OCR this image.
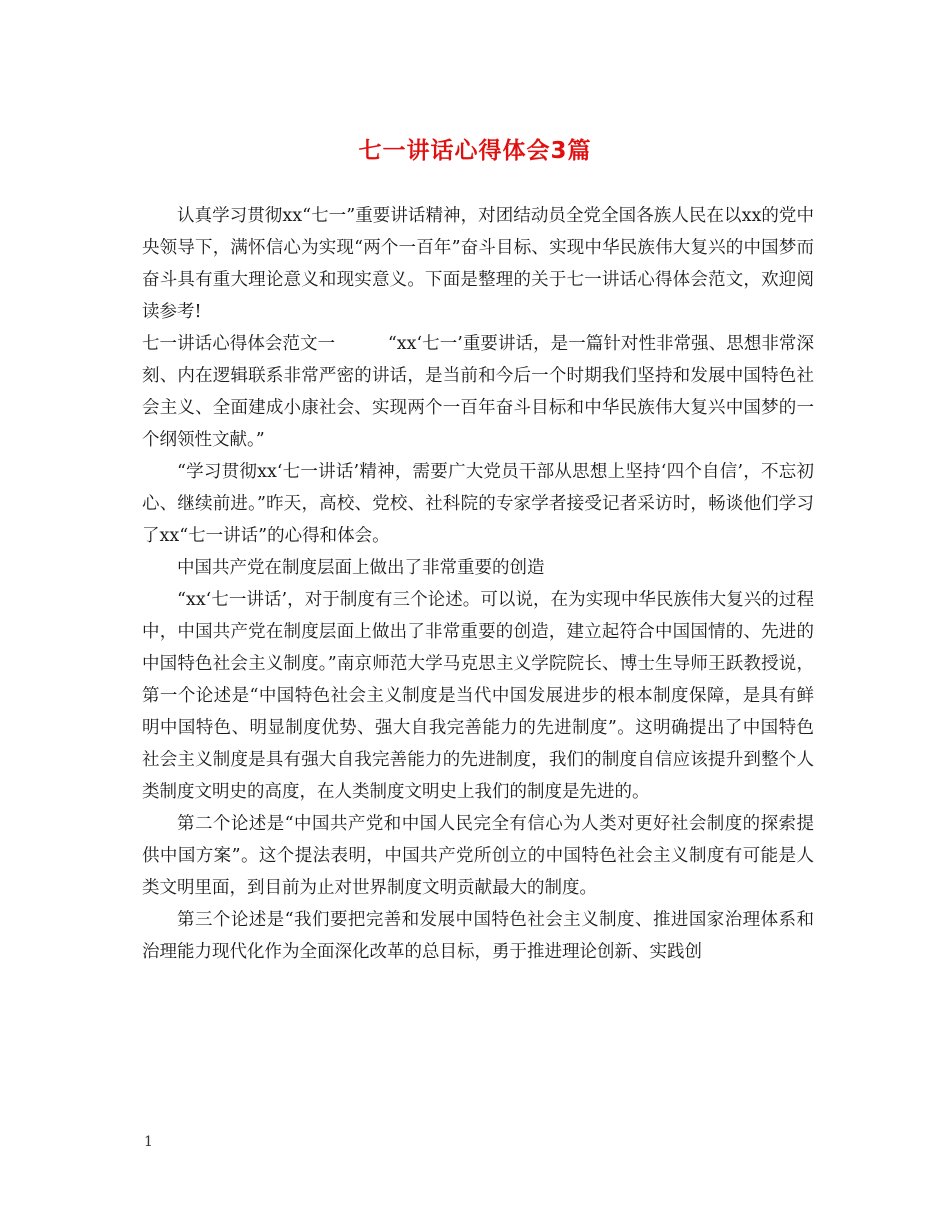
七一讲话心得体会3篇

认真学习贯彻xx“七一”重要讲话精神，对团结动员全党全国各族人民在以xx的党中央领导下，满怀信心为实现“两个一百年”奋斗目标、实现中华民族伟大复兴的中国梦而奋斗具有重大理论意义和现实意义。下面是整理的关于七一讲话心得体会范文，欢迎阅读参考!

七一讲话心得体会范文一　　　“xx‘七一’重要讲话，是一篇针对性非常强、思想非常深刻、内在逻辑联系非常严密的讲话，是当前和今后一个时期我们坚持和发展中国特色社会主义、全面建成小康社会、实现两个一百年奋斗目标和中华民族伟大复兴中国梦的一个纲领性文献。”

“学习贯彻xx‘七一讲话’精神，需要广大党员干部从思想上坚持‘四个自信’，不忘初心、继续前进。”昨天，高校、党校、社科院的专家学者接受记者采访时，畅谈他们学习了xx“七一讲话”的心得和体会。

中国共产党在制度层面上做出了非常重要的创造

“xx‘七一讲话’，对于制度有三个论述。可以说，在为实现中华民族伟大复兴的过程中，中国共产党在制度层面上做出了非常重要的创造，建立起符合中国国情的、先进的中国特色社会主义制度。”南京师范大学马克思主义学院院长、博士生导师王跃教授说，第一个论述是“中国特色社会主义制度是当代中国发展进步的根本制度保障，是具有鲜明中国特色、明显制度优势、强大自我完善能力的先进制度”。这明确提出了中国特色社会主义制度是具有强大自我完善能力的先进制度，我们的制度自信应该提升到整个人类制度文明史的高度，在人类制度文明史上我们的制度是先进的。

第二个论述是“中国共产党和中国人民完全有信心为人类对更好社会制度的探索提供中国方案”。这个提法表明，中国共产党所创立的中国特色社会主义制度有可能是人类文明里面，到目前为止对世界制度文明贡献最大的制度。

第三个论述是“我们要把完善和发展中国特色社会主义制度、推进国家治理体系和治理能力现代化作为全面深化改革的总目标，勇于推进理论创新、实践创

1
